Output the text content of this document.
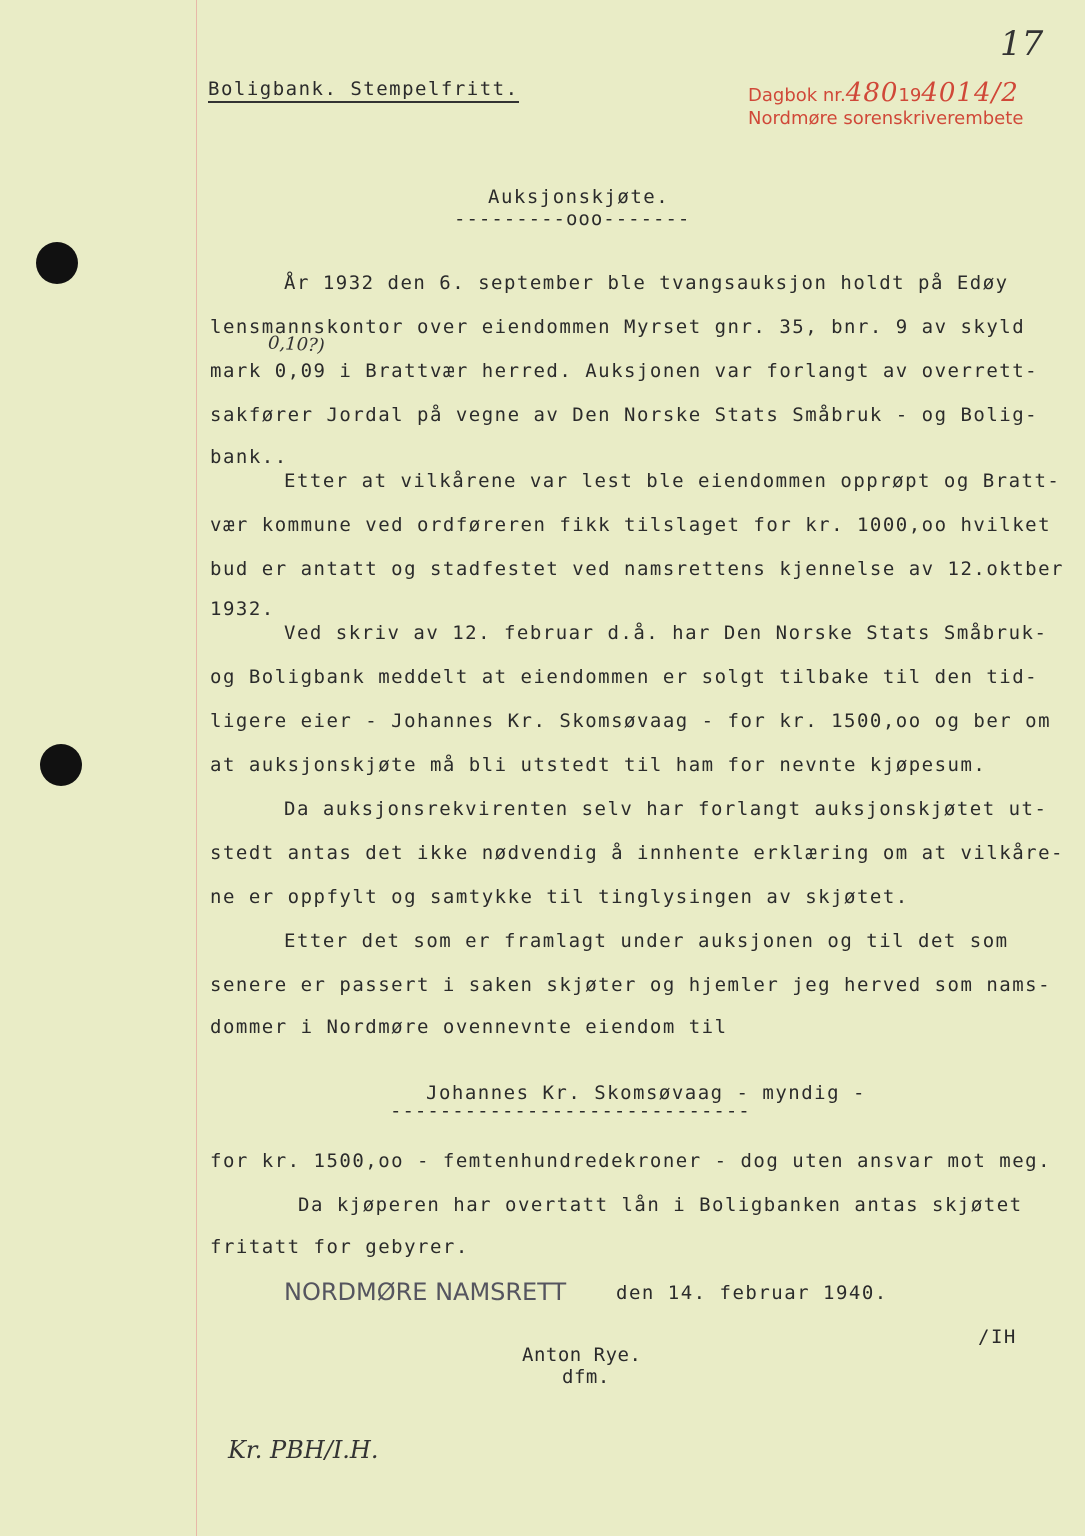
17
Boligbank. Stempelfritt.	Dagbok nr.480194014/2
Nordmøre sorenskriverembete
Auksjonskjøte.
---------ooo-------
0,10?)
År 1932 den 6. september ble tvangsauksjon holdt på Edøy
lensmannskontor over eiendommen Myrset gnr. 35, bnr. 9 av skyld
mark 0,09 i Brattvær herred. Auksjonen var forlangt av overrett-
sakfører Jordal på vegne av Den Norske Stats Småbruk - og Bolig-
bank..
Etter at vilkårene var lest ble eiendommen opprøpt og Bratt-
vær kommune ved ordføreren fikk tilslaget for kr. 1000,oo hvilket
bud er antatt og stadfestet ved namsrettens kjennelse av 12.oktber
1932.
Ved skriv av 12. februar d.å. har Den Norske Stats Småbruk-
og Boligbank meddelt at eiendommen er solgt tilbake til den tid-
ligere eier - Johannes Kr. Skomsøvaag - for kr. 1500,oo og ber om
at auksjonskjøte må bli utstedt til ham for nevnte kjøpesum.
Da auksjonsrekvirenten selv har forlangt auksjonskjøtet ut-
stedt antas det ikke nødvendig å innhente erklæring om at vilkåre-
ne er oppfylt og samtykke til tinglysingen av skjøtet.
Etter det som er framlagt under auksjonen og til det som
senere er passert i saken skjøter og hjemler jeg herved som nams-
dommer i Nordmøre ovennevnte eiendom til
Johannes Kr. Skomsøvaag - myndig -
-----------------------------
for kr. 1500,oo - femtenhundredekroner - dog uten ansvar mot meg.
Da kjøperen har overtatt lån i Boligbanken antas skjøtet
fritatt for gebyrer.
NORDMØRE NAMSRETT	den 14. februar 1940.
/IH
Anton Rye.
dfm.
Kr. PBH/I.H.
